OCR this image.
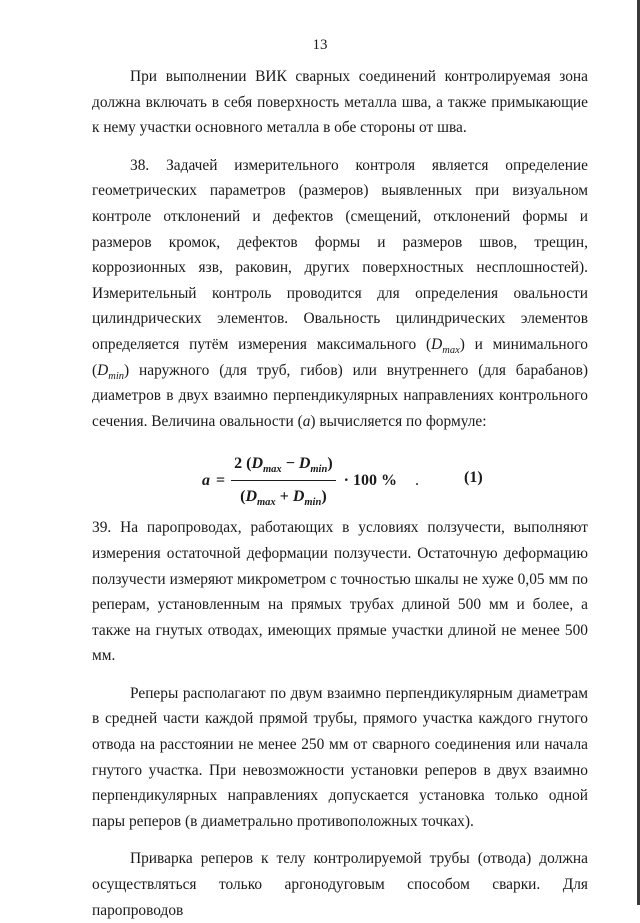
13

При выполнении ВИК сварных соединений контролируемая зона должна включать в себя поверхность металла шва, а также примыкающие к нему участки основного металла в обе стороны от шва.

38. Задачей измерительного контроля является определение геометрических параметров (размеров) выявленных при визуальном контроле отклонений и дефектов (смещений, отклонений формы и размеров кромок, дефектов формы и размеров швов, трещин, коррозионных язв, раковин, других поверхностных несплошностей). Измерительный контроль проводится для определения овальности цилиндрических элементов. Овальность цилиндрических элементов определяется путём измерения максимального $(D_{max})$ и минимального $(D_{min})$ наружного (для труб, гибов) или внутреннего (для барабанов) диаметров в двух взаимно перпендикулярных направлениях контрольного сечения. Величина овальности (a) вычисляется по формуле:

$a = \frac{2 (D_{max} - D_{min})}{(D_{max} + D_{min})} \cdot 100$ % .	(1)

39. На паропроводах, работающих в условиях ползучести, выполняют

измерения остаточной деформации ползучести. Остаточную деформацию ползучести измеряют микрометром с точностью шкалы не хуже 0,05 мм по реперам, установленным на прямых трубах длиной 500 мм и более, а также на гнутых отводах, имеющих прямые участки длиной не менее 500 мм.

Реперы располагают по двум взаимно перпендикулярным диаметрам в средней части каждой прямой трубы, прямого участка каждого гнутого отвода на расстоянии не менее 250 мм от сварного соединения или начала гнутого участка. При невозможности установки реперов в двух взаимно перпендикулярных направлениях допускается установка только одной пары реперов (в диаметрально противоположных точках).

Приварка реперов к телу контролируемой трубы (отвода) должна осуществляться только аргонодуговым способом сварки. Для паропроводов
